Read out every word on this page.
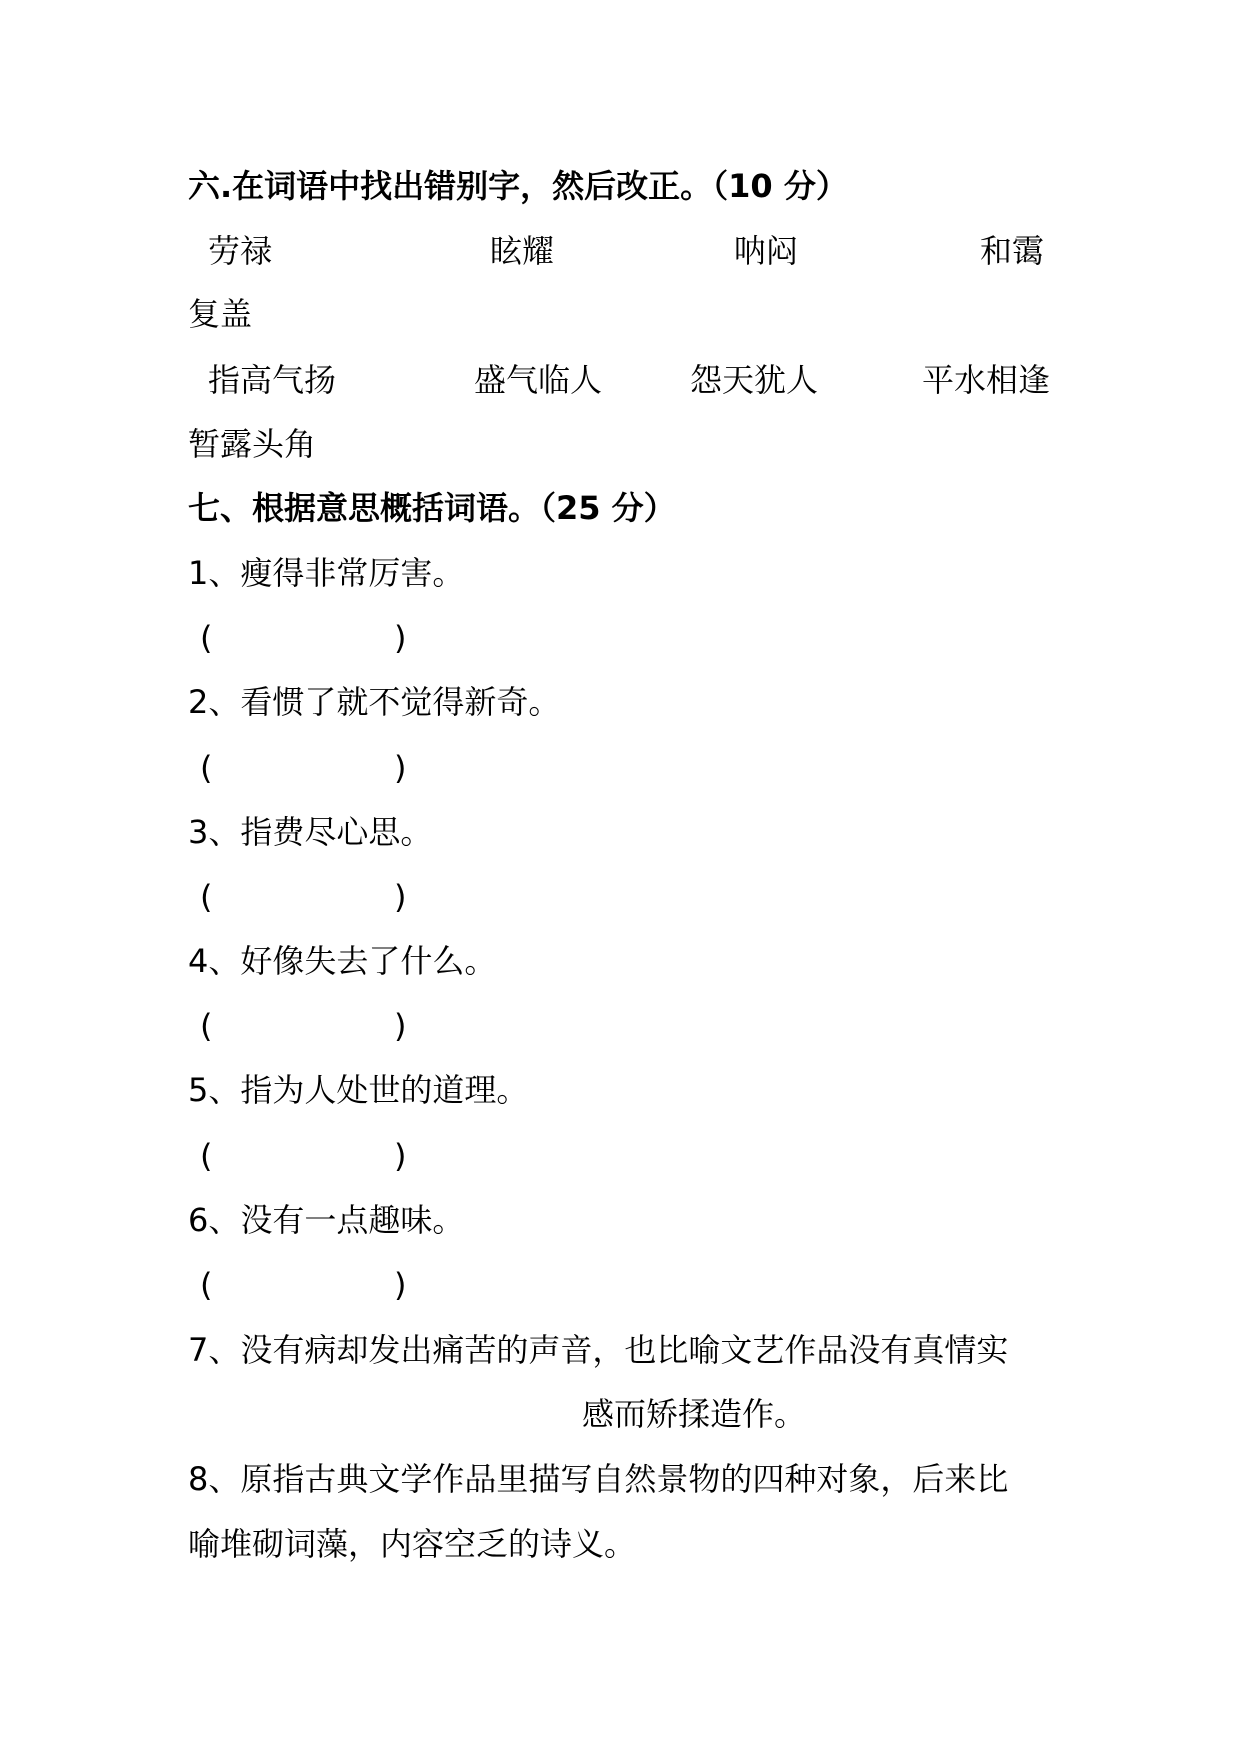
六.在词语中找出错别字，然后改正。（10 分）
劳禄	眩耀	呐闷	和霭
复盖
指高气扬	盛气临人	怨天犹人	平水相逢
暂露头角
七、根据意思概括词语。（25 分）
1、瘦得非常厉害。
(	)
2、看惯了就不觉得新奇。
(	)
3、指费尽心思。
(	)
4、好像失去了什么。
(	)
5、指为人处世的道理。
(	)
6、没有一点趣味。
(	)
7、没有病却发出痛苦的声音，也比喻文艺作品没有真情实
感而矫揉造作。
8、原指古典文学作品里描写自然景物的四种对象，后来比
喻堆砌词藻，内容空乏的诗义。
